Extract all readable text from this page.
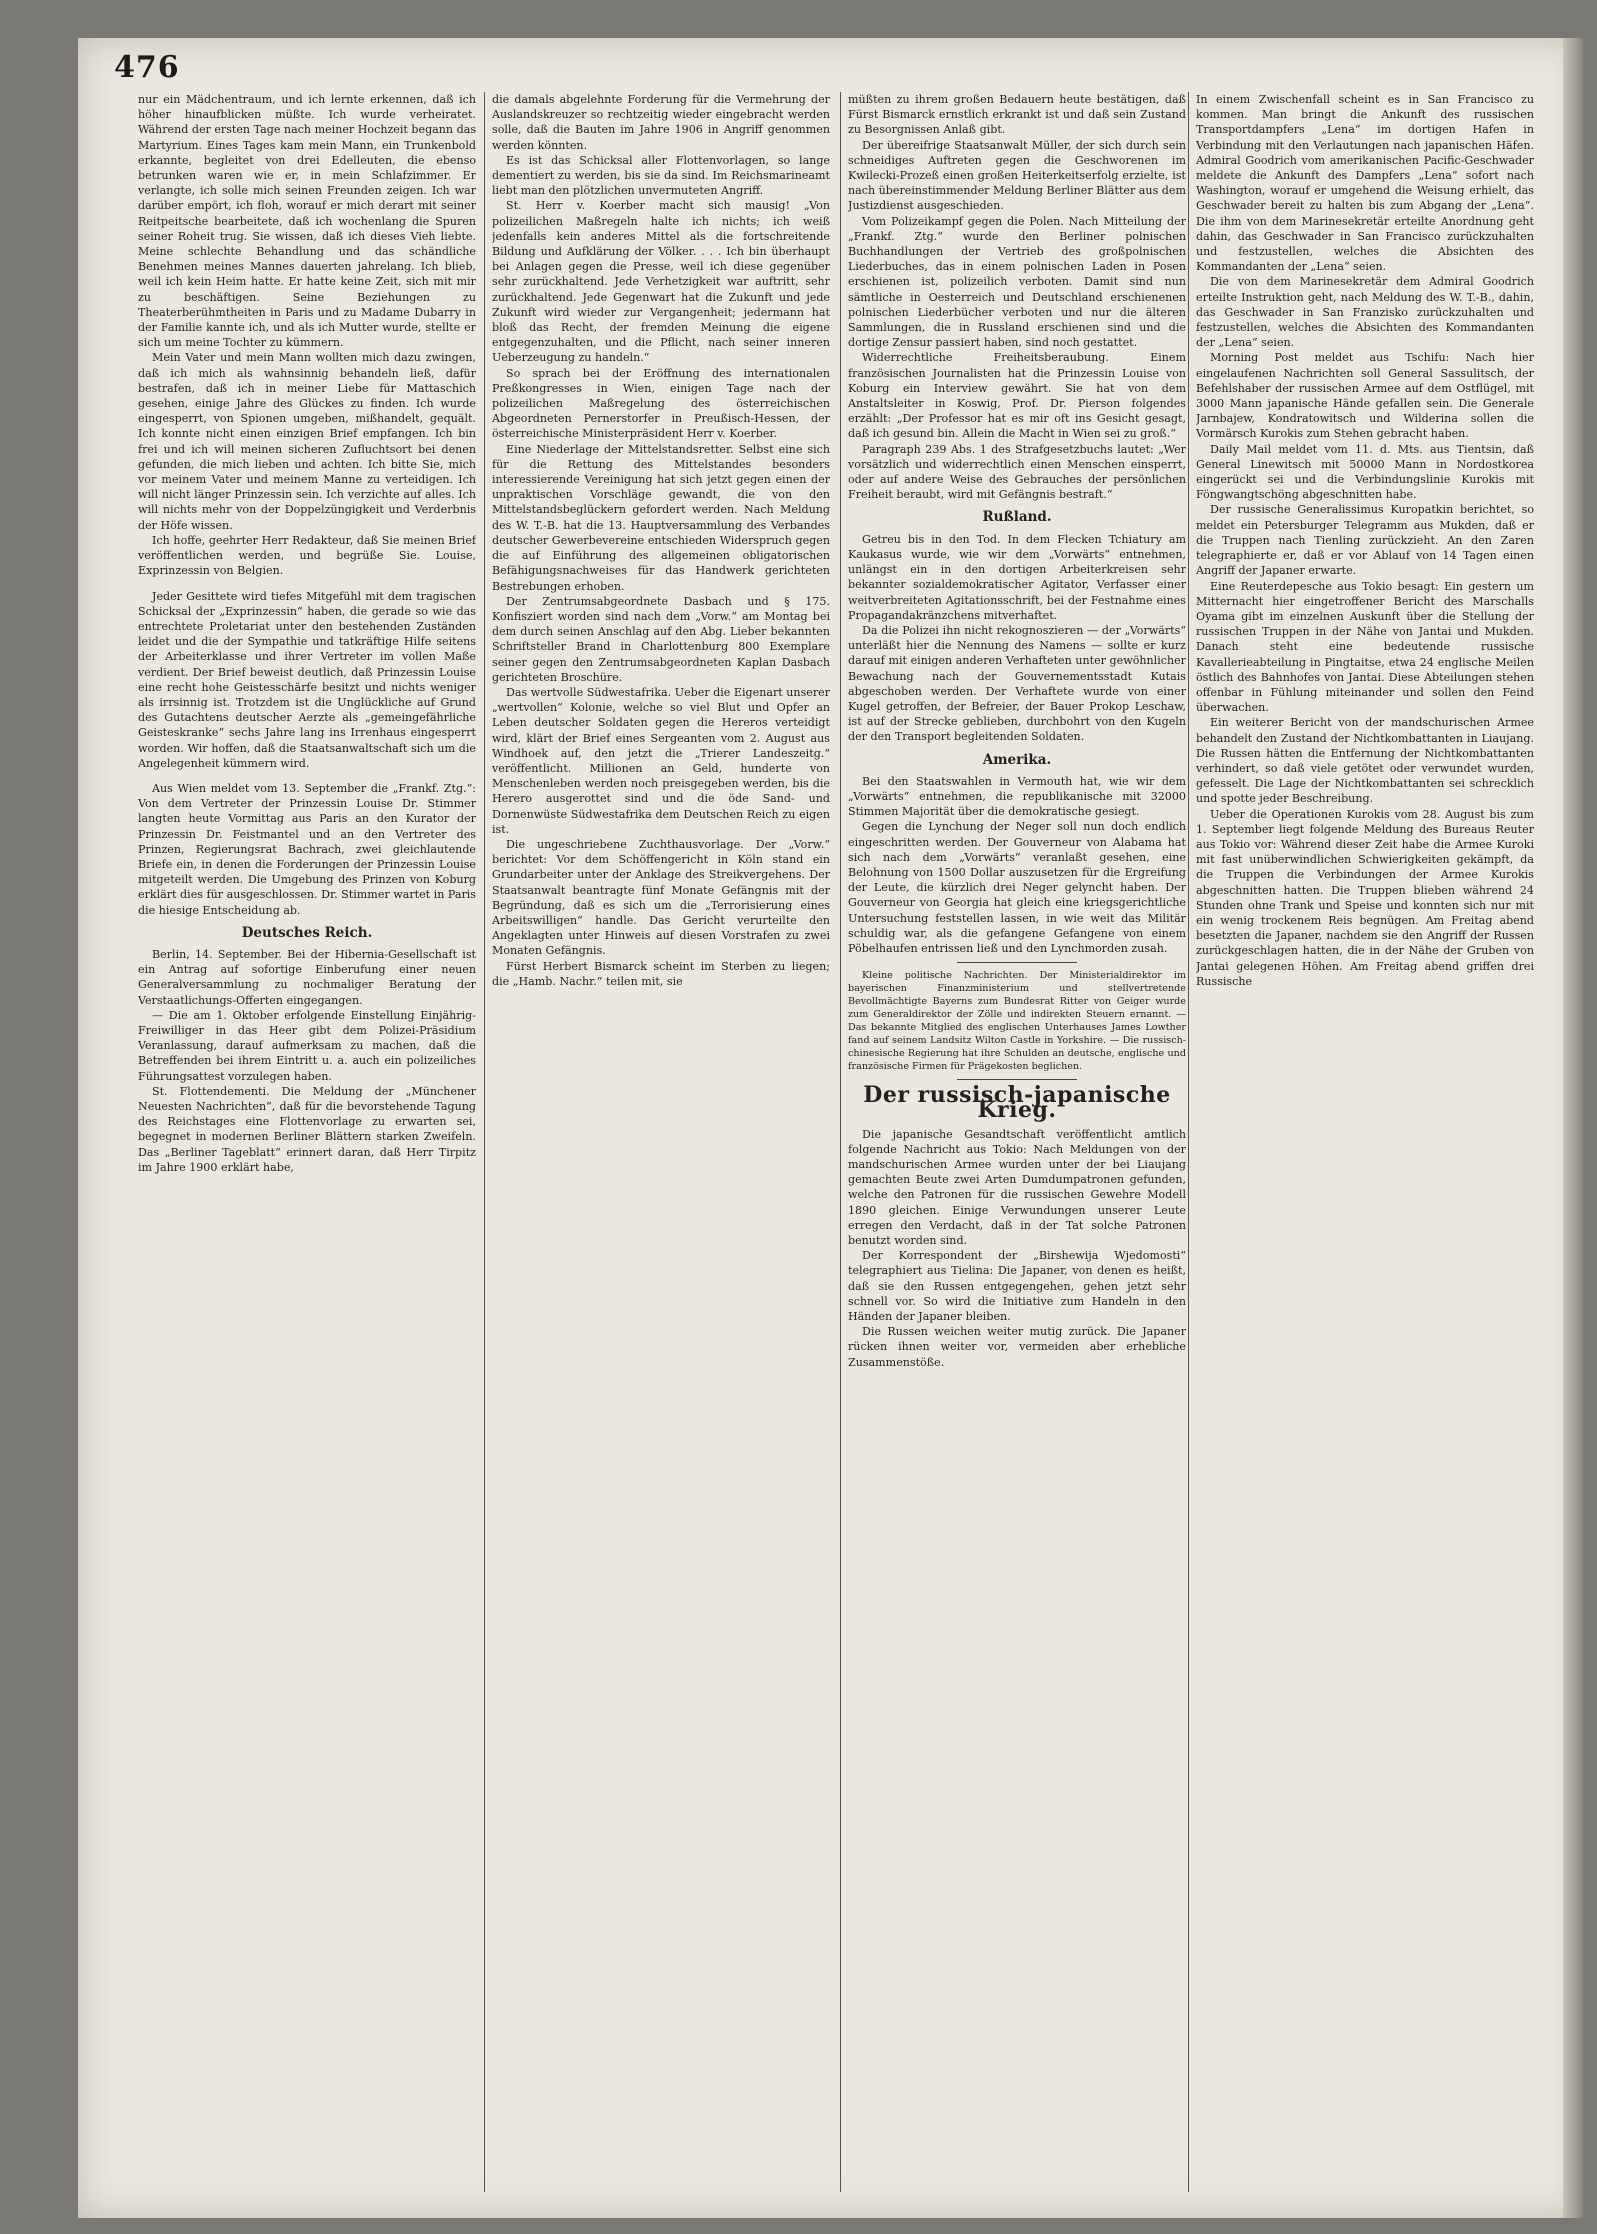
476

nur ein Mädchentraum, und ich lernte erkennen, daß ich höher hinaufblicken müßte. Ich wurde verheiratet. Während der ersten Tage nach meiner Hochzeit begann das Martyrium. Eines Tages kam mein Mann, ein Trunkenbold erkannte, begleitet von drei Edelleuten, die ebenso betrunken waren wie er, in mein Schlafzimmer. Er verlangte, ich solle mich seinen Freunden zeigen. Ich war darüber empört, ich floh, worauf er mich derart mit seiner Reitpeitsche bearbeitete, daß ich wochenlang die Spuren seiner Roheit trug. Sie wissen, daß ich dieses Vieh liebte. Meine schlechte Behandlung und das schändliche Benehmen meines Mannes dauerten jahrelang. Ich blieb, weil ich kein Heim hatte. Er hatte keine Zeit, sich mit mir zu beschäftigen. Seine Beziehungen zu Theaterberühmtheiten in Paris und zu Madame Dubarry in der Familie kannte ich, und als ich Mutter wurde, stellte er sich um meine Tochter zu kümmern.

Mein Vater und mein Mann wollten mich dazu zwingen, daß ich mich als wahnsinnig behandeln ließ, dafür bestrafen, daß ich in meiner Liebe für Mattaschich gesehen, einige Jahre des Glückes zu finden. Ich wurde eingesperrt, von Spionen umgeben, mißhandelt, gequält. Ich konnte nicht einen einzigen Brief empfangen. Ich bin frei und ich will meinen sicheren Zufluchtsort bei denen gefunden, die mich lieben und achten. Ich bitte Sie, mich vor meinem Vater und meinem Manne zu verteidigen. Ich will nicht länger Prinzessin sein. Ich verzichte auf alles. Ich will nichts mehr von der Doppelzüngigkeit und Verderbnis der Höfe wissen.

Ich hoffe, geehrter Herr Redakteur, daß Sie meinen Brief veröffentlichen werden, und begrüße Sie. Louise, Exprinzessin von Belgien.

Jeder Gesittete wird tiefes Mitgefühl mit dem tragischen Schicksal der „Exprinzessin“ haben, die gerade so wie das entrechtete Proletariat unter den bestehenden Zuständen leidet und die der Sympathie und tatkräftige Hilfe seitens der Arbeiterklasse und ihrer Vertreter im vollen Maße verdient. Der Brief beweist deutlich, daß Prinzessin Louise eine recht hohe Geistesschärfe besitzt und nichts weniger als irrsinnig ist. Trotzdem ist die Unglückliche auf Grund des Gutachtens deutscher Aerzte als „gemeingefährliche Geisteskranke“ sechs Jahre lang ins Irrenhaus eingesperrt worden. Wir hoffen, daß die Staatsanwaltschaft sich um die Angelegenheit kümmern wird.

Aus Wien meldet vom 13. September die „Frankf. Ztg.“: Von dem Vertreter der Prinzessin Louise Dr. Stimmer langten heute Vormittag aus Paris an den Kurator der Prinzessin Dr. Feistmantel und an den Vertreter des Prinzen, Regierungsrat Bachrach, zwei gleichlautende Briefe ein, in denen die Forderungen der Prinzessin Louise mitgeteilt werden. Die Umgebung des Prinzen von Koburg erklärt dies für ausgeschlossen. Dr. Stimmer wartet in Paris die hiesige Entscheidung ab.

Deutsches Reich.

Berlin, 14. September. Bei der Hibernia-Gesellschaft ist ein Antrag auf sofortige Einberufung einer neuen Generalversammlung zu nochmaliger Beratung der Verstaatlichungs-Offerten eingegangen.

— Die am 1. Oktober erfolgende Einstellung Einjährig-Freiwilliger in das Heer gibt dem Polizei-Präsidium Veranlassung, darauf aufmerksam zu machen, daß die Betreffenden bei ihrem Eintritt u. a. auch ein polizeiliches Führungsattest vorzulegen haben.

St. Flottendementi. Die Meldung der „Münchener Neuesten Nachrichten“, daß für die bevorstehende Tagung des Reichstages eine Flottenvorlage zu erwarten sei, begegnet in modernen Berliner Blättern starken Zweifeln. Das „Berliner Tageblatt“ erinnert daran, daß Herr Tirpitz im Jahre 1900 erklärt habe,

die damals abgelehnte Forderung für die Vermehrung der Auslandskreuzer so rechtzeitig wieder eingebracht werden solle, daß die Bauten im Jahre 1906 in Angriff genommen werden könnten.

Es ist das Schicksal aller Flottenvorlagen, so lange dementiert zu werden, bis sie da sind. Im Reichsmarineamt liebt man den plötzlichen unvermuteten Angriff.

St. Herr v. Koerber macht sich mausig! „Von polizeilichen Maßregeln halte ich nichts; ich weiß jedenfalls kein anderes Mittel als die fortschreitende Bildung und Aufklärung der Völker. . . . Ich bin überhaupt bei Anlagen gegen die Presse, weil ich diese gegenüber sehr zurückhaltend. Jede Verhetzigkeit war auftritt, sehr zurückhaltend. Jede Gegenwart hat die Zukunft und jede Zukunft wird wieder zur Vergangenheit; jedermann hat bloß das Recht, der fremden Meinung die eigene entgegenzuhalten, und die Pflicht, nach seiner inneren Ueberzeugung zu handeln.“

So sprach bei der Eröffnung des internationalen Preßkongresses in Wien, einigen Tage nach der polizeilichen Maßregelung des österreichischen Abgeordneten Pernerstorfer in Preußisch-Hessen, der österreichische Ministerpräsident Herr v. Koerber.

Eine Niederlage der Mittelstandsretter. Selbst eine sich für die Rettung des Mittelstandes besonders interessierende Vereinigung hat sich jetzt gegen einen der unpraktischen Vorschläge gewandt, die von den Mittelstandsbeglückern gefordert werden. Nach Meldung des W. T.-B. hat die 13. Hauptversammlung des Verbandes deutscher Gewerbevereine entschieden Widerspruch gegen die auf Einführung des allgemeinen obligatorischen Befähigungsnachweises für das Handwerk gerichteten Bestrebungen erhoben.

Der Zentrumsabgeordnete Dasbach und § 175. Konfisziert worden sind nach dem „Vorw.“ am Montag bei dem durch seinen Anschlag auf den Abg. Lieber bekannten Schriftsteller Brand in Charlottenburg 800 Exemplare seiner gegen den Zentrumsabgeordneten Kaplan Dasbach gerichteten Broschüre.

Das wertvolle Südwestafrika. Ueber die Eigenart unserer „wertvollen“ Kolonie, welche so viel Blut und Opfer an Leben deutscher Soldaten gegen die Hereros verteidigt wird, klärt der Brief eines Sergeanten vom 2. August aus Windhoek auf, den jetzt die „Trierer Landeszeitg.“ veröffentlicht. Millionen an Geld, hunderte von Menschenleben werden noch preisgegeben werden, bis die Herero ausgerottet sind und die öde Sand- und Dornenwüste Südwestafrika dem Deutschen Reich zu eigen ist.

Die ungeschriebene Zuchthausvorlage. Der „Vorw.“ berichtet: Vor dem Schöffengericht in Köln stand ein Grundarbeiter unter der Anklage des Streikvergehens. Der Staatsanwalt beantragte fünf Monate Gefängnis mit der Begründung, daß es sich um die „Terrorisierung eines Arbeitswilligen“ handle. Das Gericht verurteilte den Angeklagten unter Hinweis auf diesen Vorstrafen zu zwei Monaten Gefängnis.

Fürst Herbert Bismarck scheint im Sterben zu liegen; die „Hamb. Nachr.“ teilen mit, sie

müßten zu ihrem großen Bedauern heute bestätigen, daß Fürst Bismarck ernstlich erkrankt ist und daß sein Zustand zu Besorgnissen Anlaß gibt.

Der übereifrige Staatsanwalt Müller, der sich durch sein schneidiges Auftreten gegen die Geschworenen im Kwilecki-Prozeß einen großen Heiterkeitserfolg erzielte, ist nach übereinstimmender Meldung Berliner Blätter aus dem Justizdienst ausgeschieden.

Vom Polizeikampf gegen die Polen. Nach Mitteilung der „Frankf. Ztg.“ wurde den Berliner polnischen Buchhandlungen der Vertrieb des großpolnischen Liederbuches, das in einem polnischen Laden in Posen erschienen ist, polizeilich verboten. Damit sind nun sämtliche in Oesterreich und Deutschland erschienenen polnischen Liederbücher verboten und nur die älteren Sammlungen, die in Russland erschienen sind und die dortige Zensur passiert haben, sind noch gestattet.

Widerrechtliche Freiheitsberaubung. Einem französischen Journalisten hat die Prinzessin Louise von Koburg ein Interview gewährt. Sie hat von dem Anstaltsleiter in Koswig, Prof. Dr. Pierson folgendes erzählt: „Der Professor hat es mir oft ins Gesicht gesagt, daß ich gesund bin. Allein die Macht in Wien sei zu groß.“

Paragraph 239 Abs. 1 des Strafgesetzbuchs lautet: „Wer vorsätzlich und widerrechtlich einen Menschen einsperrt, oder auf andere Weise des Gebrauches der persönlichen Freiheit beraubt, wird mit Gefängnis bestraft.“

Rußland.

Getreu bis in den Tod. In dem Flecken Tchiatury am Kaukasus wurde, wie wir dem „Vorwärts“ entnehmen, unlängst ein in den dortigen Arbeiterkreisen sehr bekannter sozialdemokratischer Agitator, Verfasser einer weitverbreiteten Agitationsschrift, bei der Festnahme eines Propagandakränzchens mitverhaftet.

Da die Polizei ihn nicht rekognoszieren — der „Vorwärts“ unterläßt hier die Nennung des Namens — sollte er kurz darauf mit einigen anderen Verhafteten unter gewöhnlicher Bewachung nach der Gouvernementsstadt Kutais abgeschoben werden. Der Verhaftete wurde von einer Kugel getroffen, der Befreier, der Bauer Prokop Leschaw, ist auf der Strecke geblieben, durchbohrt von den Kugeln der den Transport begleitenden Soldaten.

Amerika.

Bei den Staatswahlen in Vermouth hat, wie wir dem „Vorwärts“ entnehmen, die republikanische mit 32000 Stimmen Majorität über die demokratische gesiegt.

Gegen die Lynchung der Neger soll nun doch endlich eingeschritten werden. Der Gouverneur von Alabama hat sich nach dem „Vorwärts“ veranlaßt gesehen, eine Belohnung von 1500 Dollar auszusetzen für die Ergreifung der Leute, die kürzlich drei Neger gelyncht haben. Der Gouverneur von Georgia hat gleich eine kriegsgerichtliche Untersuchung feststellen lassen, in wie weit das Militär schuldig war, als die gefangene Gefangene von einem Pöbelhaufen entrissen ließ und den Lynchmorden zusah.

Kleine politische Nachrichten. Der Ministerialdirektor im bayerischen Finanzministerium und stellvertretende Bevollmächtigte Bayerns zum Bundesrat Ritter von Geiger wurde zum Generaldirektor der Zölle und indirekten Steuern ernannt. — Das bekannte Mitglied des englischen Unterhauses James Lowther fand auf seinem Landsitz Wilton Castle in Yorkshire. — Die russisch-chinesische Regierung hat ihre Schulden an deutsche, englische und französische Firmen für Prägekosten beglichen.

Der russisch-japanische Krieg.

Die japanische Gesandtschaft veröffentlicht amtlich folgende Nachricht aus Tokio: Nach Meldungen von der mandschurischen Armee wurden unter der bei Liaujang gemachten Beute zwei Arten Dumdumpatronen gefunden, welche den Patronen für die russischen Gewehre Modell 1890 gleichen. Einige Verwundungen unserer Leute erregen den Verdacht, daß in der Tat solche Patronen benutzt worden sind.

Der Korrespondent der „Birshewija Wjedomosti“ telegraphiert aus Tielina: Die Japaner, von denen es heißt, daß sie den Russen entgegengehen, gehen jetzt sehr schnell vor. So wird die Initiative zum Handeln in den Händen der Japaner bleiben.

Die Russen weichen weiter mutig zurück. Die Japaner rücken ihnen weiter vor, vermeiden aber erhebliche Zusammenstöße.

In einem Zwischenfall scheint es in San Francisco zu kommen. Man bringt die Ankunft des russischen Transportdampfers „Lena“ im dortigen Hafen in Verbindung mit den Verlautungen nach japanischen Häfen. Admiral Goodrich vom amerikanischen Pacific-Geschwader meldete die Ankunft des Dampfers „Lena“ sofort nach Washington, worauf er umgehend die Weisung erhielt, das Geschwader bereit zu halten bis zum Abgang der „Lena“. Die ihm von dem Marinesekretär erteilte Anordnung geht dahin, das Geschwader in San Francisco zurückzuhalten und festzustellen, welches die Absichten des Kommandanten der „Lena“ seien.

Die von dem Marinesekretär dem Admiral Goodrich erteilte Instruktion geht, nach Meldung des W. T.-B., dahin, das Geschwader in San Franzisko zurückzuhalten und festzustellen, welches die Absichten des Kommandanten der „Lena“ seien.

Morning Post meldet aus Tschifu: Nach hier eingelaufenen Nachrichten soll General Sassulitsch, der Befehlshaber der russischen Armee auf dem Ostflügel, mit 3000 Mann japanische Hände gefallen sein. Die Generale Jarnbajew, Kondratowitsch und Wilderina sollen die Vormärsch Kurokis zum Stehen gebracht haben.

Daily Mail meldet vom 11. d. Mts. aus Tientsin, daß General Linewitsch mit 50000 Mann in Nordostkorea eingerückt sei und die Verbindungslinie Kurokis mit Föngwangtschöng abgeschnitten habe.

Der russische Generalissimus Kuropatkin berichtet, so meldet ein Petersburger Telegramm aus Mukden, daß er die Truppen nach Tienling zurückzieht. An den Zaren telegraphierte er, daß er vor Ablauf von 14 Tagen einen Angriff der Japaner erwarte.

Eine Reuterdepesche aus Tokio besagt: Ein gestern um Mitternacht hier eingetroffener Bericht des Marschalls Oyama gibt im einzelnen Auskunft über die Stellung der russischen Truppen in der Nähe von Jantai und Mukden. Danach steht eine bedeutende russische Kavallerieabteilung in Pingtaitse, etwa 24 englische Meilen östlich des Bahnhofes von Jantai. Diese Abteilungen stehen offenbar in Fühlung miteinander und sollen den Feind überwachen.

Ein weiterer Bericht von der mandschurischen Armee behandelt den Zustand der Nichtkombattanten in Liaujang. Die Russen hätten die Entfernung der Nichtkombattanten verhindert, so daß viele getötet oder verwundet wurden, gefesselt. Die Lage der Nichtkombattanten sei schrecklich und spotte jeder Beschreibung.

Ueber die Operationen Kurokis vom 28. August bis zum 1. September liegt folgende Meldung des Bureaus Reuter aus Tokio vor: Während dieser Zeit habe die Armee Kuroki mit fast unüberwindlichen Schwierigkeiten gekämpft, da die Truppen die Verbindungen der Armee Kurokis abgeschnitten hatten. Die Truppen blieben während 24 Stunden ohne Trank und Speise und konnten sich nur mit ein wenig trockenem Reis begnügen. Am Freitag abend besetzten die Japaner, nachdem sie den Angriff der Russen zurückgeschlagen hatten, die in der Nähe der Gruben von Jantai gelegenen Höhen. Am Freitag abend griffen drei Russische
